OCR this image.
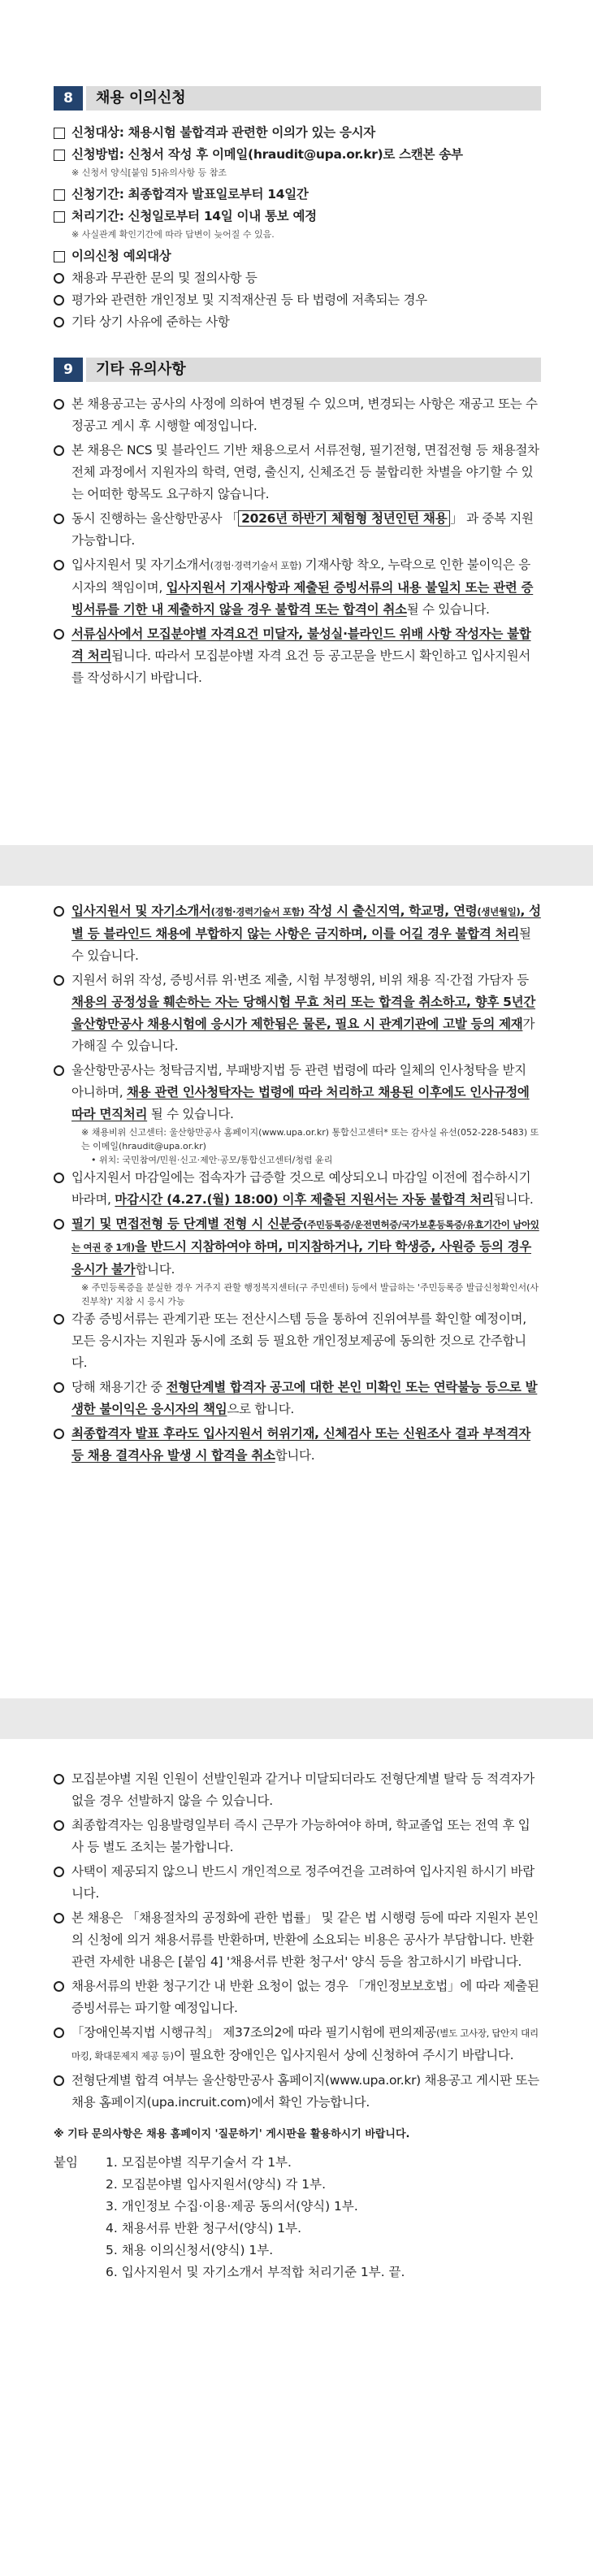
8	채용 이의신청
신청대상: 채용시험 불합격과 관련한 이의가 있는 응시자
신청방법: 신청서 작성 후 이메일(hraudit@upa.or.kr)로 스캔본 송부
※ 신청서 양식[붙임 5]유의사항 등 참조
신청기간: 최종합격자 발표일로부터 14일간
처리기간: 신청일로부터 14일 이내 통보 예정
※ 사실관계 확인기간에 따라 답변이 늦어질 수 있음.
이의신청 예외대상
채용과 무관한 문의 및 절의사항 등
평가와 관련한 개인정보 및 지적재산권 등 타 법령에 저촉되는 경우
기타 상기 사유에 준하는 사항
9	기타 유의사항
본 채용공고는 공사의 사정에 의하여 변경될 수 있으며, 변경되는 사항은 재공고 또는 수정공고 게시 후 시행할 예정입니다.
본 채용은 NCS 및 블라인드 기반 채용으로서 서류전형, 필기전형, 면접전형 등 채용절차 전체 과정에서 지원자의 학력, 연령, 출신지, 신체조건 등 불합리한 차별을 야기할 수 있는 어떠한 항목도 요구하지 않습니다.
동시 진행하는 울산항만공사 「 2026년 하반기 체험형 청년인턴 채용 」 과 중복 지원 가능합니다.
입사지원서 및 자기소개서(경험·경력기술서 포함) 기재사항 착오, 누락으로 인한 불이익은 응시자의 책임이며, 입사지원서 기재사항과 제출된 증빙서류의 내용 불일치 또는 관련 증빙서류를 기한 내 제출하지 않을 경우 불합격 또는 합격이 취소될 수 있습니다.
서류심사에서 모집분야별 자격요건 미달자, 불성실·블라인드 위배 사항 작성자는 불합격 처리됩니다. 따라서 모집분야별 자격 요건 등 공고문을 반드시 확인하고 입사지원서를 작성하시기 바랍니다.
입사지원서 및 자기소개서(경험·경력기술서 포함) 작성 시 출신지역, 학교명, 연령(생년월일), 성별 등 블라인드 채용에 부합하지 않는 사항은 금지하며, 이를 어길 경우 불합격 처리될 수 있습니다.
지원서 허위 작성, 증빙서류 위·변조 제출, 시험 부정행위, 비위 채용 직·간접 가담자 등 채용의 공정성을 훼손하는 자는 당해시험 무효 처리 또는 합격을 취소하고, 향후 5년간 울산항만공사 채용시험에 응시가 제한됨은 물론, 필요 시 관계기관에 고발 등의 제재가 가해질 수 있습니다.
울산항만공사는 청탁금지법, 부패방지법 등 관련 법령에 따라 일체의 인사청탁을 받지 아니하며, 채용 관련 인사청탁자는 법령에 따라 처리하고 채용된 이후에도 인사규정에 따라 면직처리 될 수 있습니다.
※ 채용비위 신고센터: 울산항만공사 홈페이지(www.upa.or.kr) 통합신고센터* 또는 감사실 유선(052-228-5483) 또는 이메일(hraudit@upa.or.kr)
• 위치: 국민참여/민원·신고·제안·공모/통합신고센터/청렴 윤리
입사지원서 마감일에는 접속자가 급증할 것으로 예상되오니 마감일 이전에 접수하시기 바라며, 마감시간 (4.27.(월) 18:00) 이후 제출된 지원서는 자동 불합격 처리됩니다.
필기 및 면접전형 등 단계별 전형 시 신분증(주민등록증/운전면허증/국가보훈등록증/유효기간이 남아있는 여권 중 1개)을 반드시 지참하여야 하며, 미지참하거나, 기타 학생증, 사원증 등의 경우 응시가 불가합니다.
※ 주민등록증을 분실한 경우 거주지 관할 행정복지센터(구 주민센터) 등에서 발급하는 '주민등록증 발급신청확인서(사진부착)' 지참 시 응시 가능
각종 증빙서류는 관계기관 또는 전산시스템 등을 통하여 진위여부를 확인할 예정이며, 모든 응시자는 지원과 동시에 조회 등 필요한 개인정보제공에 동의한 것으로 간주합니다.
당해 채용기간 중 전형단계별 합격자 공고에 대한 본인 미확인 또는 연락불능 등으로 발생한 불이익은 응시자의 책임으로 합니다.
최종합격자 발표 후라도 입사지원서 허위기재, 신체검사 또는 신원조사 결과 부적격자 등 채용 결격사유 발생 시 합격을 취소합니다.
모집분야별 지원 인원이 선발인원과 같거나 미달되더라도 전형단계별 탈락 등 적격자가 없을 경우 선발하지 않을 수 있습니다.
최종합격자는 임용발령일부터 즉시 근무가 가능하여야 하며, 학교졸업 또는 전역 후 입사 등 별도 조치는 불가합니다.
사택이 제공되지 않으니 반드시 개인적으로 정주여건을 고려하여 입사지원 하시기 바랍니다.
본 채용은 「채용절차의 공정화에 관한 법률」 및 같은 법 시행령 등에 따라 지원자 본인의 신청에 의거 채용서류를 반환하며, 반환에 소요되는 비용은 공사가 부담합니다. 반환 관련 자세한 내용은 [붙임 4] '채용서류 반환 청구서' 양식 등을 참고하시기 바랍니다.
채용서류의 반환 청구기간 내 반환 요청이 없는 경우 「개인정보보호법」에 따라 제출된 증빙서류는 파기할 예정입니다.
「장애인복지법 시행규칙」 제37조의2에 따라 필기시험에 편의제공(별도 고사장, 답안지 대리마킹, 확대문제지 제공 등)이 필요한 장애인은 입사지원서 상에 신청하여 주시기 바랍니다.
전형단계별 합격 여부는 울산항만공사 홈페이지(www.upa.or.kr) 채용공고 게시판 또는 채용 홈페이지(upa.incruit.com)에서 확인 가능합니다.
※ 기타 문의사항은 채용 홈페이지 '질문하기' 게시판을 활용하시기 바랍니다.
붙임 1. 모집분야별 직무기술서 각 1부.
2. 모집분야별 입사지원서(양식) 각 1부.
3. 개인정보 수집·이용·제공 동의서(양식) 1부.
4. 채용서류 반환 청구서(양식) 1부.
5. 채용 이의신청서(양식) 1부.
6. 입사지원서 및 자기소개서 부적합 처리기준 1부. 끝.
